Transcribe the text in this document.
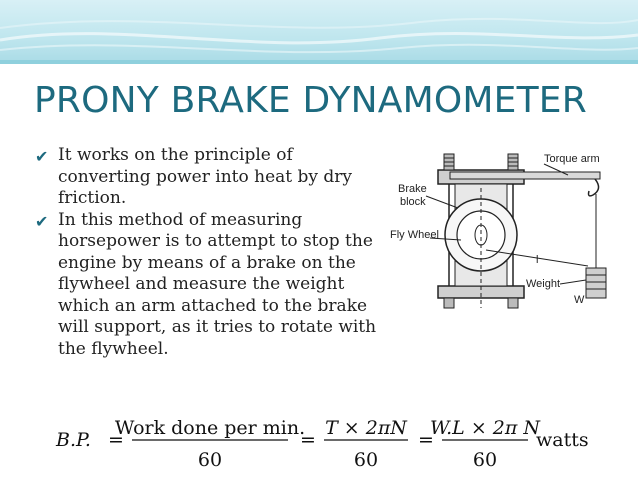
PRONY BRAKE DYNAMOMETER
✔ It works on the principle of converting power into heat by dry friction.
✔ In this method of measuring horsepower is to attempt to stop the engine by means of a brake on the flywheel and measure the weight which an arm attached to the brake will support, as it tries to rotate with the flywheel.
Torque arm
Brake
block
Fly Wheel
l
Weight
W
B.P. =
Work done per min.
60
=
T × 2πN
60
=
W.L × 2π N
60
watts
